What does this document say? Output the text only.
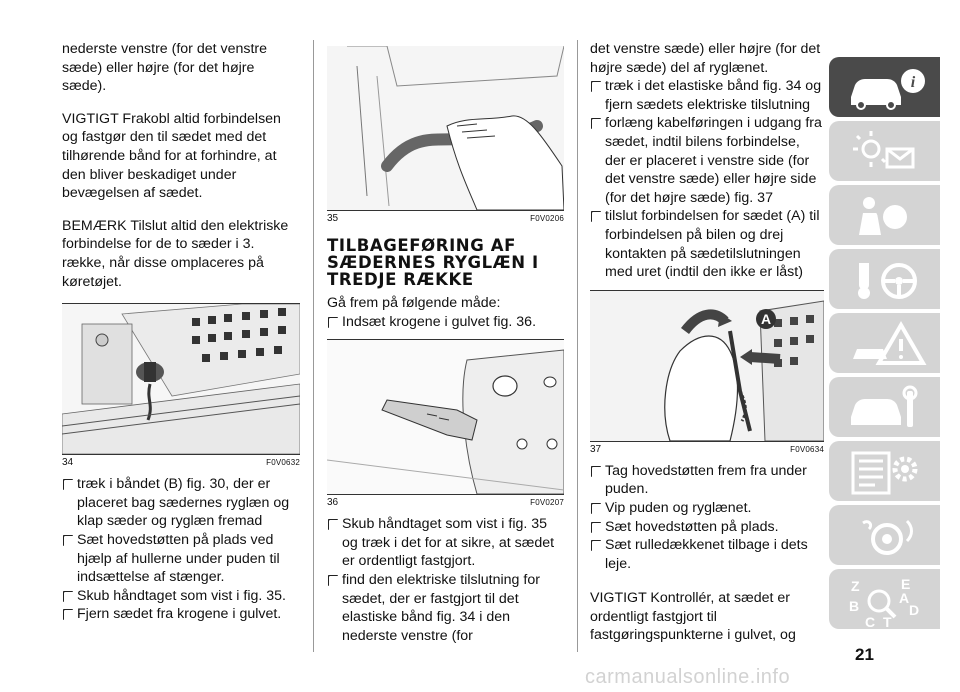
nederste venstre (for det venstre sæde) eller højre (for det højre sæde).

VIGTIGT Frakobl altid forbindelsen og fastgør den til sædet med det tilhørende bånd for at forhindre, at den bliver beskadiget under bevægelsen af sædet.

BEMÆRK Tilslut altid den elektriske forbindelse for de to sæder i 3. række, når disse omplaceres på køretøjet.

34	F0V0632

træk i båndet (B) fig. 30, der er placeret bag sædernes ryglæn og klap sæder og ryglæn fremad

Sæt hovedstøtten på plads ved hjælp af hullerne under puden til indsættelse af stænger.

Skub håndtaget som vist i fig. 35.

Fjern sædet fra krogene i gulvet.

35	F0V0206
TILBAGEFØRING AF SÆDERNES RYGLÆN I TREDJE RÆKKE

Gå frem på følgende måde:

Indsæt krogene i gulvet fig. 36.

36	F0V0207

Skub håndtaget som vist i fig. 35 og træk i det for at sikre, at sædet er ordentligt fastgjort.

find den elektriske tilslutning for sædet, der er fastgjort til det elastiske bånd fig. 34 i den nederste venstre (for

det venstre sæde) eller højre (for det højre sæde) del af ryglænet.

træk i det elastiske bånd fig. 34 og fjern sædets elektriske tilslutning

forlæng kabelføringen i udgang fra sædet, indtil bilens forbindelse, der er placeret i venstre side (for det venstre sæde) eller højre side (for det højre sæde) fig. 37

tilslut forbindelsen for sædet (A) til forbindelsen på bilen og drej kontakten på sædetilslutningen med uret (indtil den ikke er låst)

A
37	F0V0634

Tag hovedstøtten frem fra under puden.

Vip puden og ryglænet.

Sæt hovedstøtten på plads.

Sæt rulledækkenet tilbage i dets leje.

VIGTIGT Kontrollér, at sædet er ordentligt fastgjort til fastgøringspunkterne i gulvet, og

i
Z	E
B	D
C T
A
21
carmanualsonline.info
